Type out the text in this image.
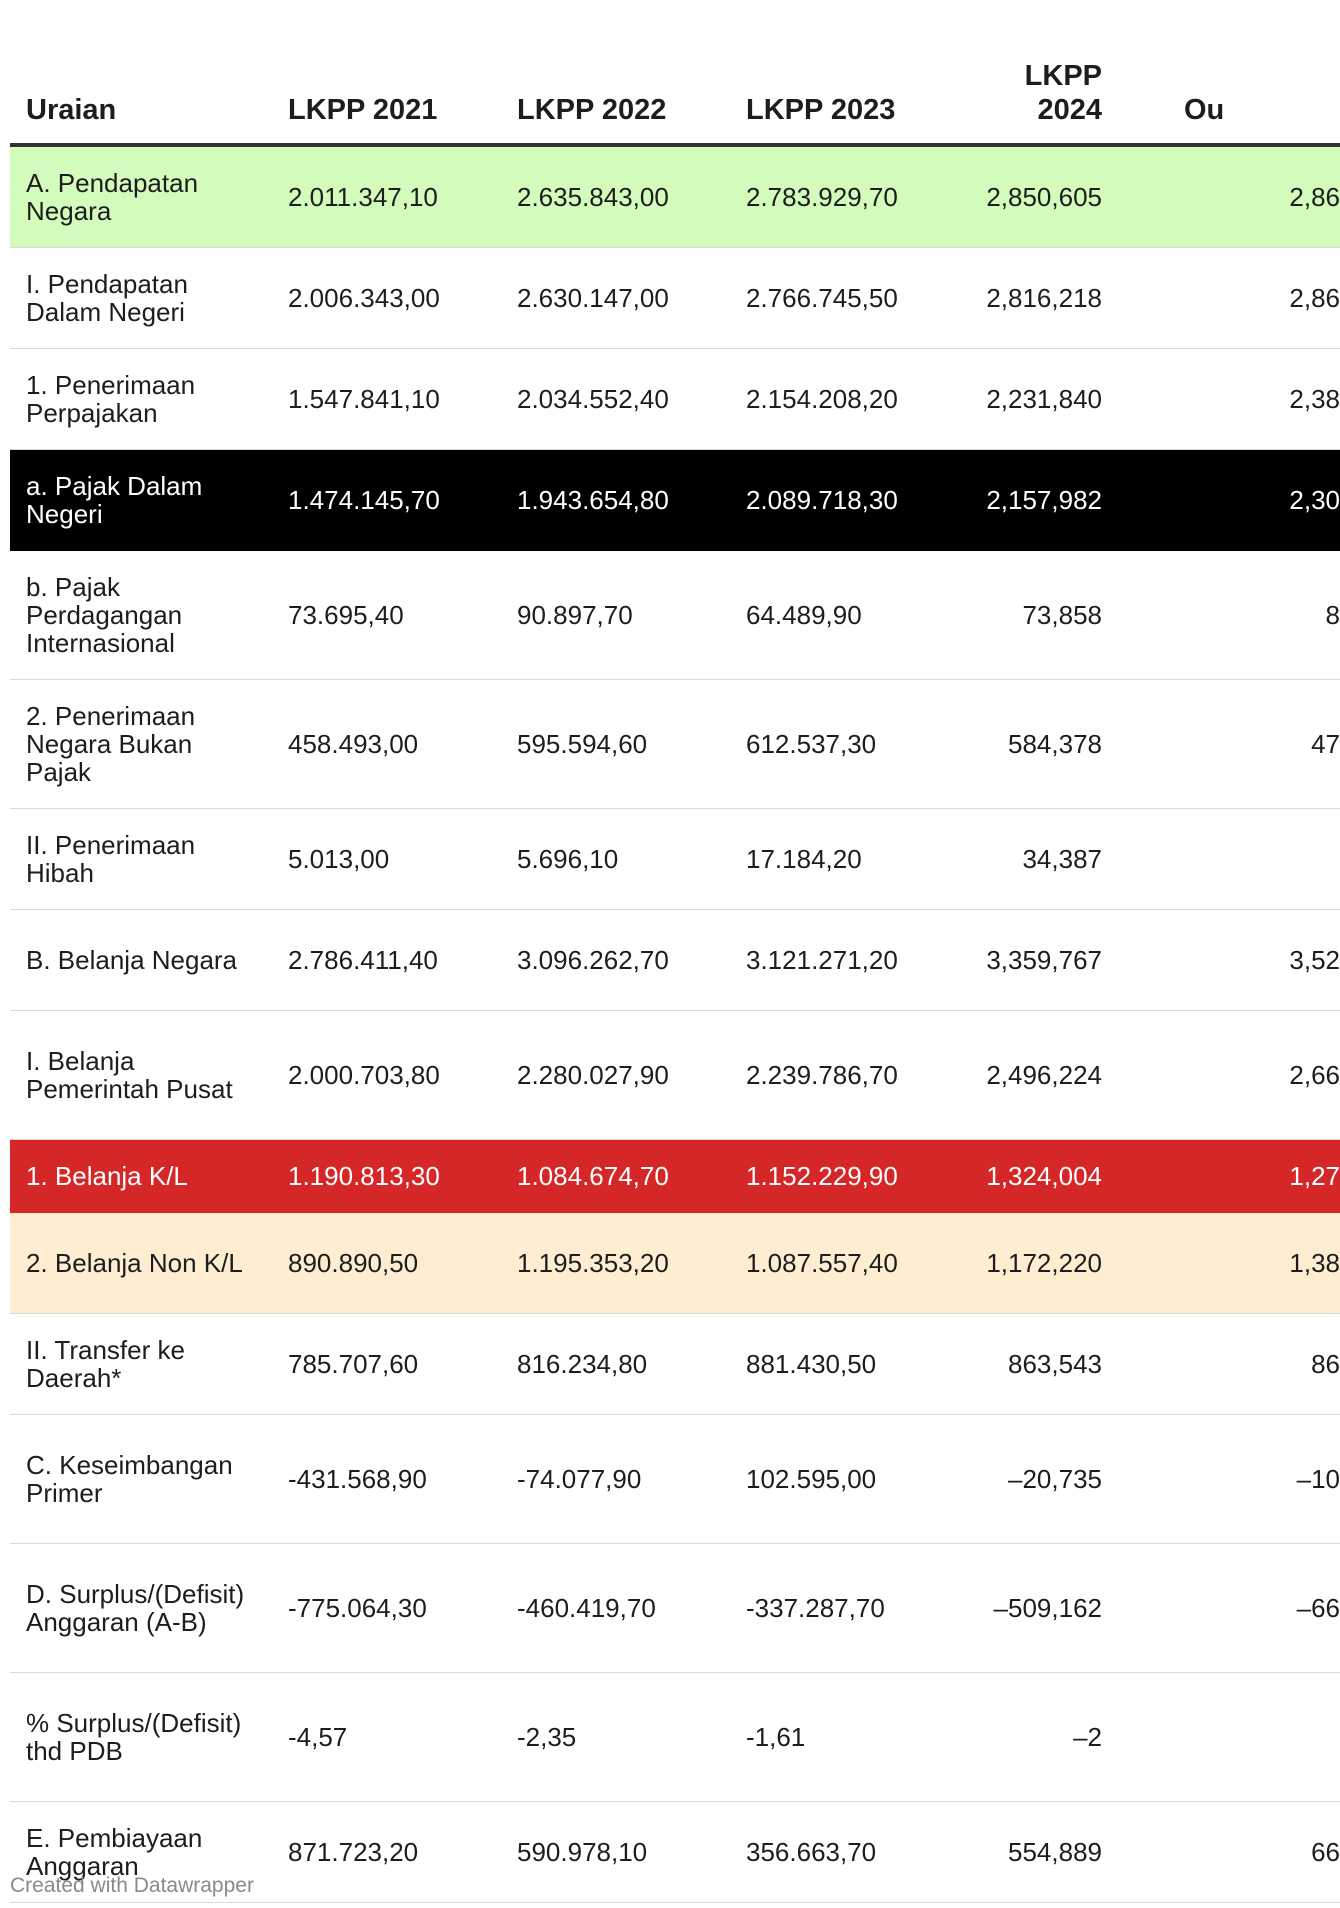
Uraian	LKPP 2021	LKPP 2022	LKPP 2023	LKPP 2024	Ou
A. Pendapatan Negara	2.011.347,10	2.635.843,00	2.783.929,70	2,850,605	2,86
I. Pendapatan Dalam Negeri	2.006.343,00	2.630.147,00	2.766.745,50	2,816,218	2,86
1. Penerimaan Perpajakan	1.547.841,10	2.034.552,40	2.154.208,20	2,231,840	2,38
a. Pajak Dalam Negeri	1.474.145,70	1.943.654,80	2.089.718,30	2,157,982	2,30
b. Pajak Perdagangan Internasional	73.695,40	90.897,70	64.489,90	73,858	8
2. Penerimaan Negara Bukan Pajak	458.493,00	595.594,60	612.537,30	584,378	47
II. Penerimaan Hibah	5.013,00	5.696,10	17.184,20	34,387	
B. Belanja Negara	2.786.411,40	3.096.262,70	3.121.271,20	3,359,767	3,52
I. Belanja Pemerintah Pusat	2.000.703,80	2.280.027,90	2.239.786,70	2,496,224	2,66
1. Belanja K/L	1.190.813,30	1.084.674,70	1.152.229,90	1,324,004	1,27
2. Belanja Non K/L	890.890,50	1.195.353,20	1.087.557,40	1,172,220	1,38
II. Transfer ke Daerah*	785.707,60	816.234,80	881.430,50	863,543	86
C. Keseimbangan Primer	-431.568,90	-74.077,90	102.595,00	–20,735	–10
D. Surplus/(Defisit) Anggaran (A-B)	-775.064,30	-460.419,70	-337.287,70	–509,162	–66
% Surplus/(Defisit) thd PDB	-4,57	-2,35	-1,61	–2	
E. Pembiayaan Anggaran	871.723,20	590.978,10	356.663,70	554,889	66
Created with Datawrapper
